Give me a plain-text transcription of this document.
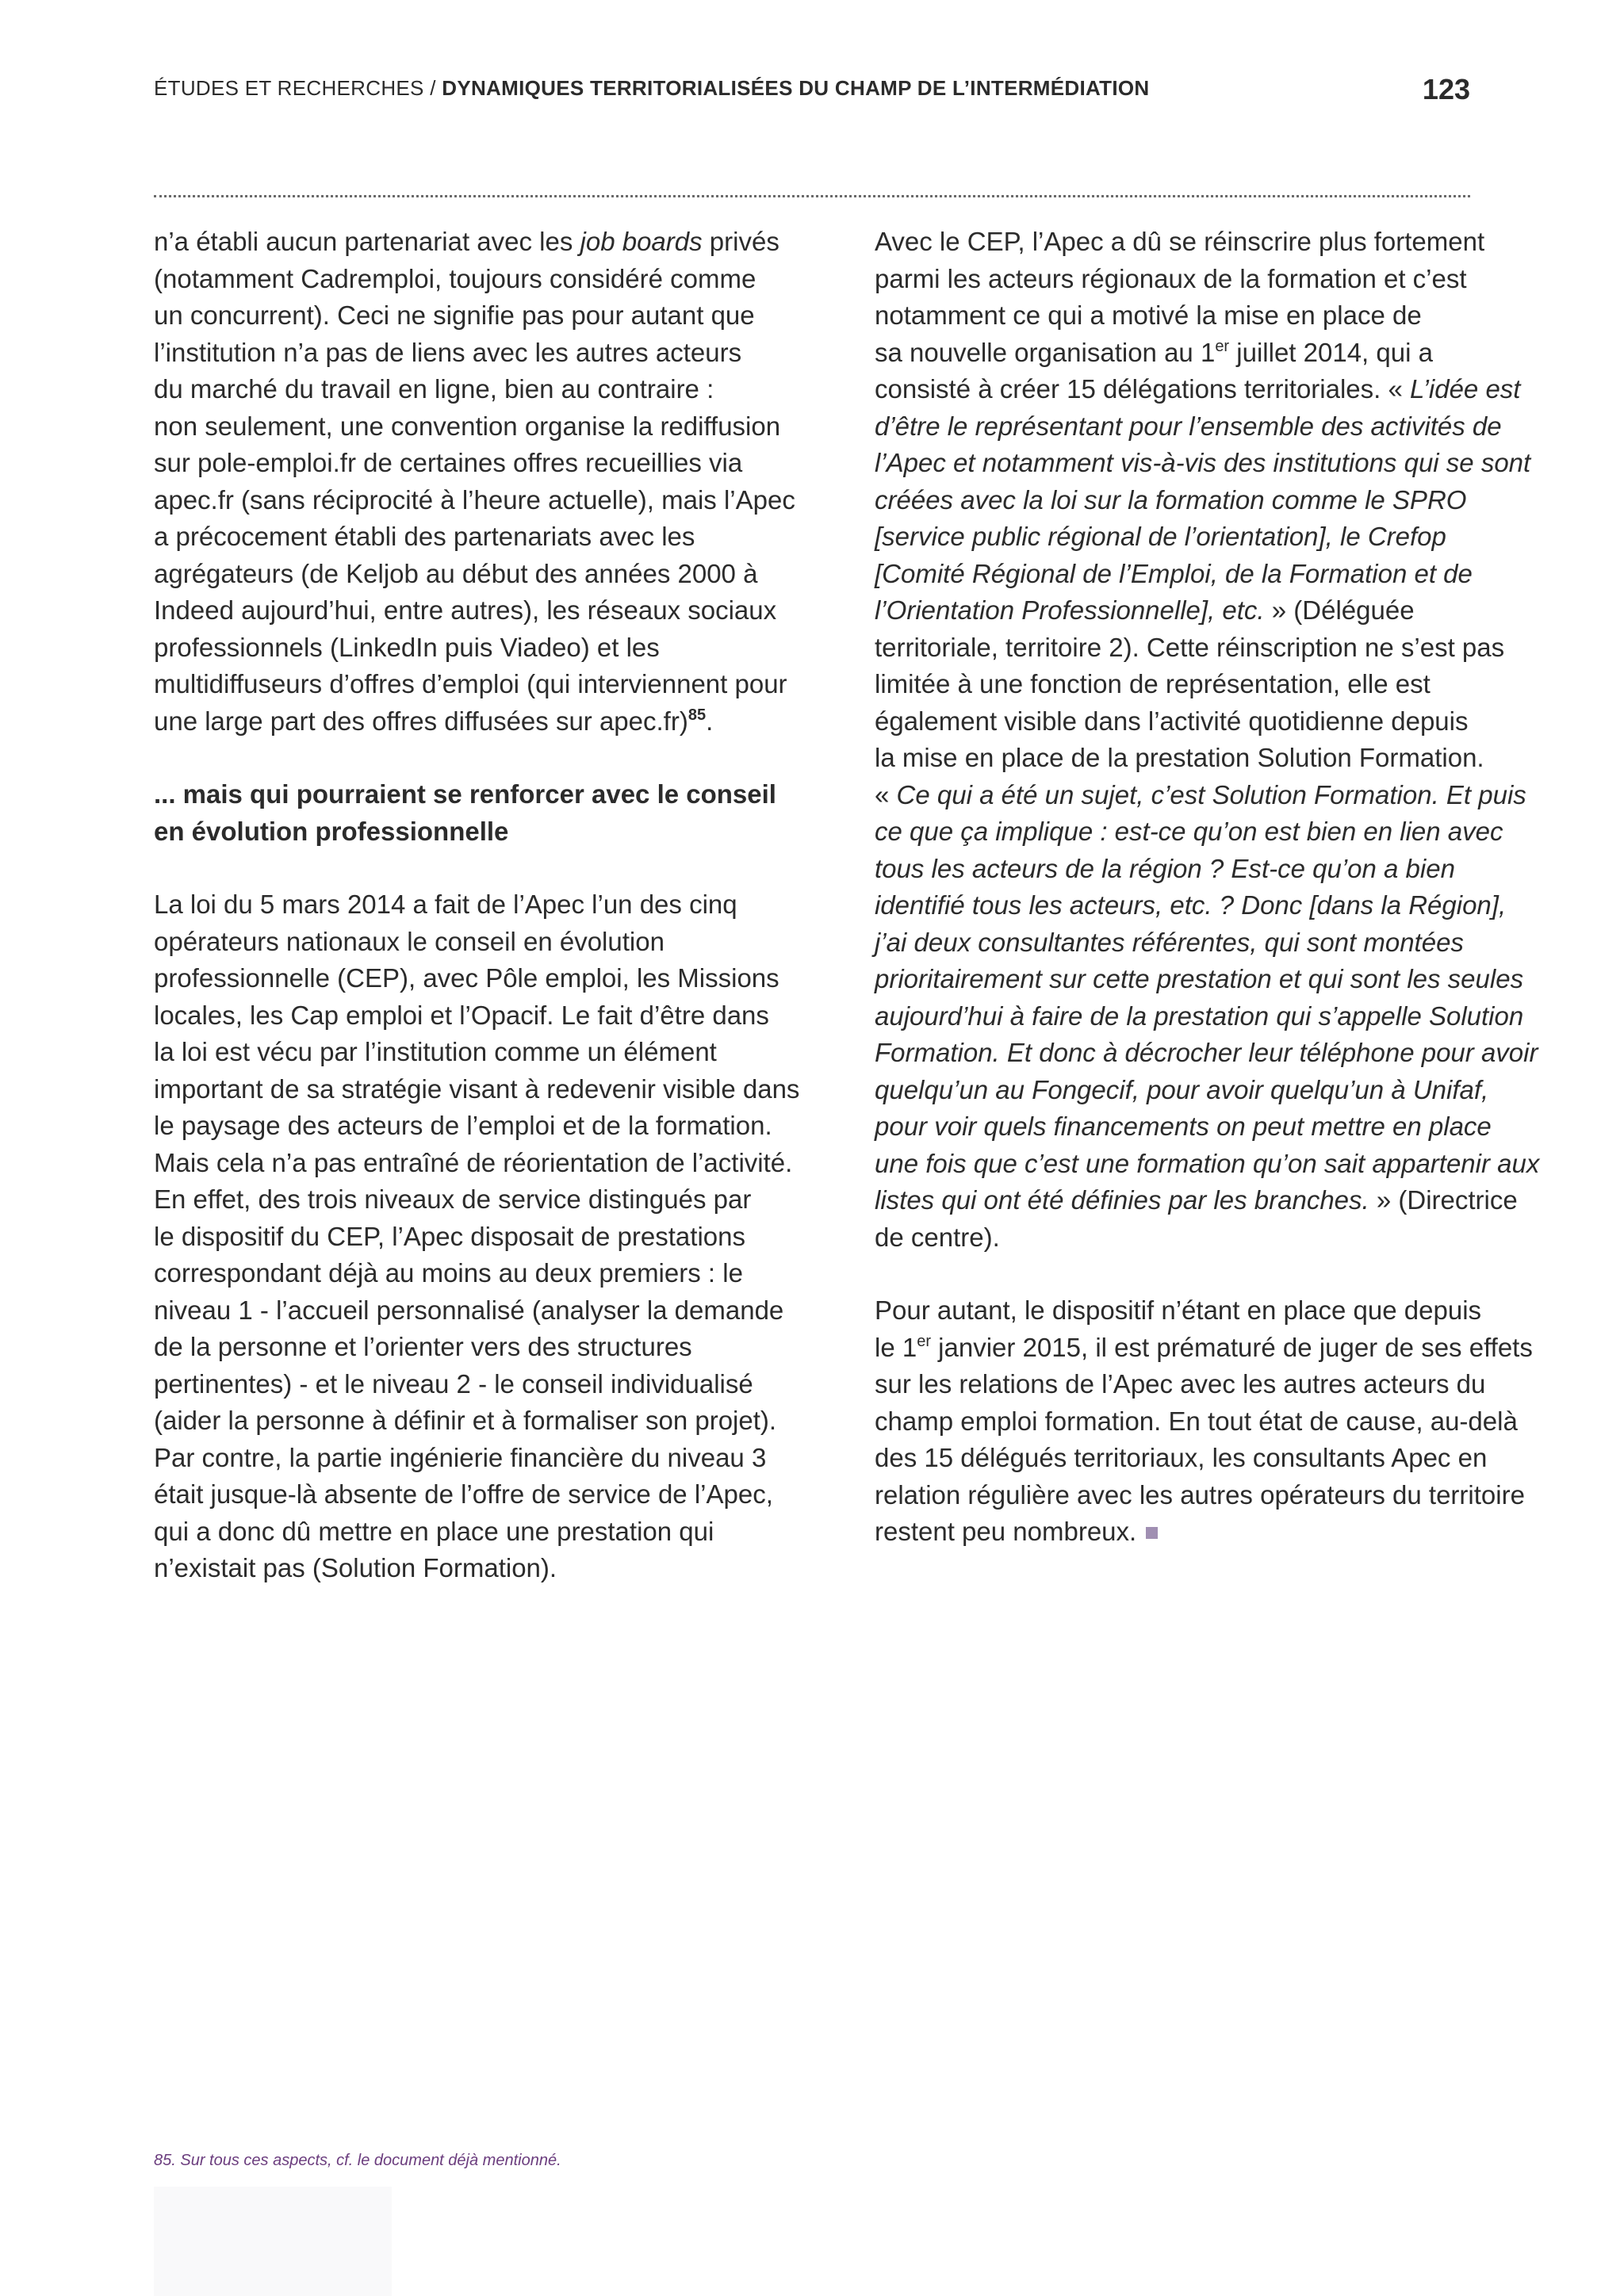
ÉTUDES ET RECHERCHES / DYNAMIQUES TERRITORIALISÉES DU CHAMP DE L’INTERMÉDIATION	123

n’a établi aucun partenariat avec les job boards privés
(notamment Cadremploi, toujours considéré comme
un concurrent). Ceci ne signifie pas pour autant que
l’institution n’a pas de liens avec les autres acteurs
du marché du travail en ligne, bien au contraire :
non seulement, une convention organise la rediffusion
sur pole-emploi.fr de certaines offres recueillies via
apec.fr (sans réciprocité à l’heure actuelle), mais l’Apec
a précocement établi des partenariats avec les
agrégateurs (de Keljob au début des années 2000 à
Indeed aujourd’hui, entre autres), les réseaux sociaux
professionnels (LinkedIn puis Viadeo) et les
multidiffuseurs d’offres d’emploi (qui interviennent pour
une large part des offres diffusées sur apec.fr)$^{85}$.

... mais qui pourraient se renforcer avec le conseil
en évolution professionnelle

La loi du 5 mars 2014 a fait de l’Apec l’un des cinq
opérateurs nationaux le conseil en évolution
professionnelle (CEP), avec Pôle emploi, les Missions
locales, les Cap emploi et l’Opacif. Le fait d’être dans
la loi est vécu par l’institution comme un élément
important de sa stratégie visant à redevenir visible dans
le paysage des acteurs de l’emploi et de la formation.
Mais cela n’a pas entraîné de réorientation de l’activité.
En effet, des trois niveaux de service distingués par
le dispositif du CEP, l’Apec disposait de prestations
correspondant déjà au moins au deux premiers : le
niveau 1 - l’accueil personnalisé (analyser la demande
de la personne et l’orienter vers des structures
pertinentes) - et le niveau 2 - le conseil individualisé
(aider la personne à définir et à formaliser son projet).
Par contre, la partie ingénierie financière du niveau 3
était jusque-là absente de l’offre de service de l’Apec,
qui a donc dû mettre en place une prestation qui
n’existait pas (Solution Formation).

Avec le CEP, l’Apec a dû se réinscrire plus fortement
parmi les acteurs régionaux de la formation et c’est
notamment ce qui a motivé la mise en place de
sa nouvelle organisation au 1er juillet 2014, qui a
consisté à créer 15 délégations territoriales. « L’idée est
d’être le représentant pour l’ensemble des activités de
l’Apec et notamment vis-à-vis des institutions qui se sont
créées avec la loi sur la formation comme le SPRO
[service public régional de l’orientation], le Crefop
[Comité Régional de l’Emploi, de la Formation et de
l’Orientation Professionnelle], etc. » (Déléguée
territoriale, territoire 2). Cette réinscription ne s’est pas
limitée à une fonction de représentation, elle est
également visible dans l’activité quotidienne depuis
la mise en place de la prestation Solution Formation.
« Ce qui a été un sujet, c’est Solution Formation. Et puis
ce que ça implique : est-ce qu’on est bien en lien avec
tous les acteurs de la région ? Est-ce qu’on a bien
identifié tous les acteurs, etc. ? Donc [dans la Région],
j’ai deux consultantes référentes, qui sont montées
prioritairement sur cette prestation et qui sont les seules
aujourd’hui à faire de la prestation qui s’appelle Solution
Formation. Et donc à décrocher leur téléphone pour avoir
quelqu’un au Fongecif, pour avoir quelqu’un à Unifaf,
pour voir quels financements on peut mettre en place
une fois que c’est une formation qu’on sait appartenir aux
listes qui ont été définies par les branches. » (Directrice
de centre).

Pour autant, le dispositif n’étant en place que depuis
le 1er janvier 2015, il est prématuré de juger de ses effets
sur les relations de l’Apec avec les autres acteurs du
champ emploi formation. En tout état de cause, au-delà
des 15 délégués territoriaux, les consultants Apec en
relation régulière avec les autres opérateurs du territoire
restent peu nombreux.

85. Sur tous ces aspects, cf. le document déjà mentionné.
